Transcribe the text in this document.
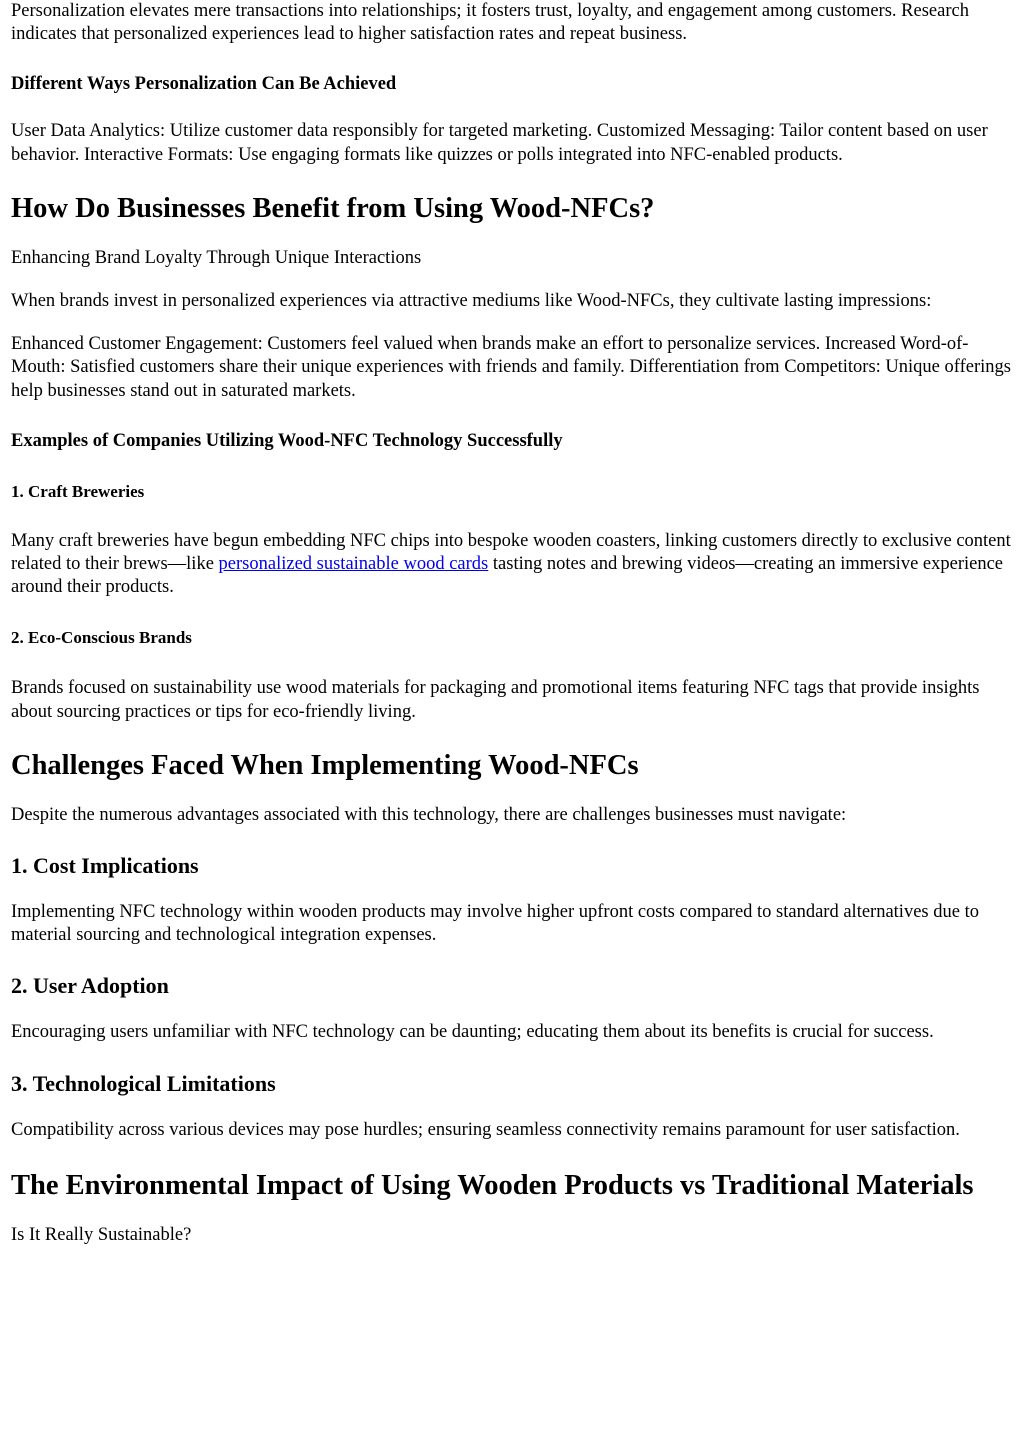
Personalization elevates mere transactions into relationships; it fosters trust, loyalty, and engagement among customers. Research indicates that personalized experiences lead to higher satisfaction rates and repeat business.

Different Ways Personalization Can Be Achieved

User Data Analytics: Utilize customer data responsibly for targeted marketing. Customized Messaging: Tailor content based on user behavior. Interactive Formats: Use engaging formats like quizzes or polls integrated into NFC-enabled products.

How Do Businesses Benefit from Using Wood-NFCs?

Enhancing Brand Loyalty Through Unique Interactions

When brands invest in personalized experiences via attractive mediums like Wood-NFCs, they cultivate lasting impressions:

Enhanced Customer Engagement: Customers feel valued when brands make an effort to personalize services. Increased Word-of-Mouth: Satisfied customers share their unique experiences with friends and family. Differentiation from Competitors: Unique offerings help businesses stand out in saturated markets.

Examples of Companies Utilizing Wood-NFC Technology Successfully
1. Craft Breweries

Many craft breweries have begun embedding NFC chips into bespoke wooden coasters, linking customers directly to exclusive content related to their brews—like personalized sustainable wood cards tasting notes and brewing videos—creating an immersive experience around their products.

2. Eco-Conscious Brands

Brands focused on sustainability use wood materials for packaging and promotional items featuring NFC tags that provide insights about sourcing practices or tips for eco-friendly living.

Challenges Faced When Implementing Wood-NFCs

Despite the numerous advantages associated with this technology, there are challenges businesses must navigate:

1. Cost Implications

Implementing NFC technology within wooden products may involve higher upfront costs compared to standard alternatives due to material sourcing and technological integration expenses.

2. User Adoption

Encouraging users unfamiliar with NFC technology can be daunting; educating them about its benefits is crucial for success.

3. Technological Limitations

Compatibility across various devices may pose hurdles; ensuring seamless connectivity remains paramount for user satisfaction.

The Environmental Impact of Using Wooden Products vs Traditional Materials

Is It Really Sustainable?
